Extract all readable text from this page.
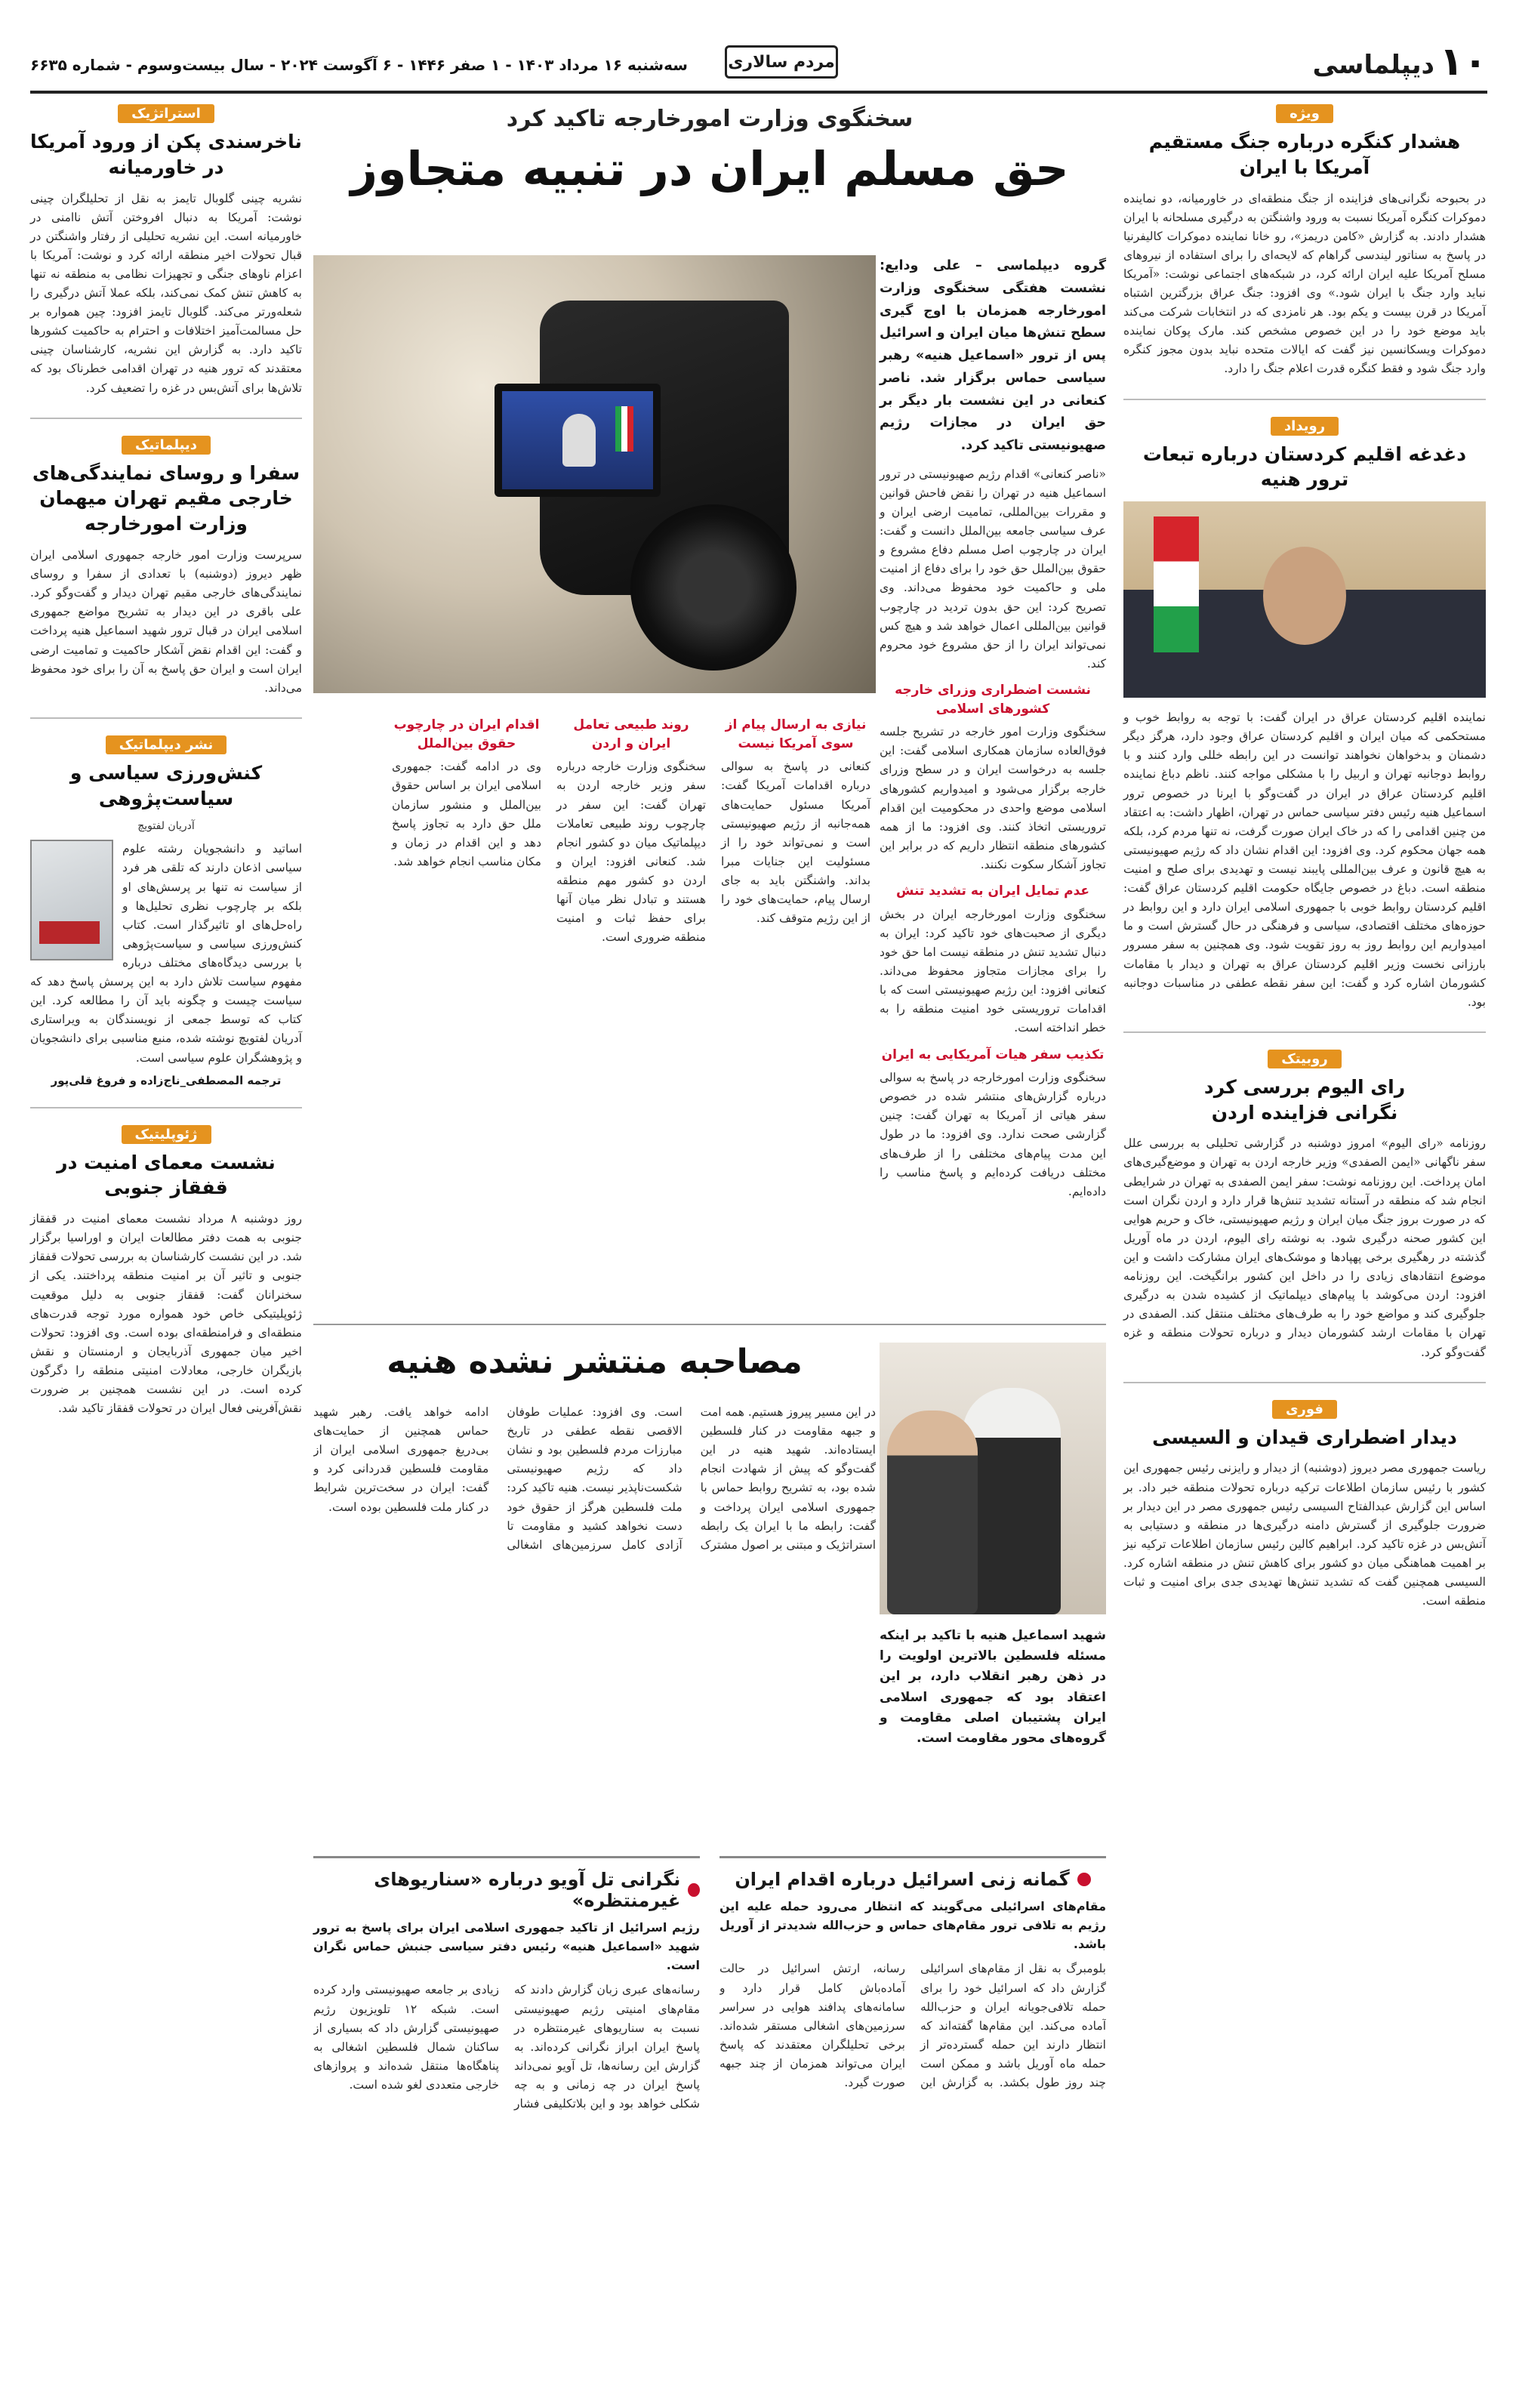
۱۰
دیپلماسی
مردم سالاری
سه‌شنبه ۱۶ مرداد ۱۴۰۳ - ۱ صفر ۱۴۴۶ - ۶ آگوست ۲۰۲۴ - سال بیست‌وسوم - شماره ۶۶۳۵
ویژه
هشدار کنگره درباره جنگ مستقیم آمریکا با ایران
در بحبوحه نگرانی‌های فزاینده از جنگ منطقه‌ای در خاورمیانه، دو نماینده دموکرات کنگره آمریکا نسبت به ورود واشنگتن به درگیری مسلحانه با ایران هشدار دادند. به گزارش «کامن دریمز»، رو خانا نماینده دموکرات کالیفرنیا در پاسخ به سناتور لیندسی گراهام که لایحه‌ای را برای استفاده از نیروهای مسلح آمریکا علیه ایران ارائه کرد، در شبکه‌های اجتماعی نوشت: «آمریکا نباید وارد جنگ با ایران شود.» وی افزود: جنگ عراق بزرگترین اشتباه آمریکا در قرن بیست و یکم بود. هر نامزدی که در انتخابات شرکت می‌کند باید موضع خود را در این خصوص مشخص کند. مارک پوکان نماینده دموکرات ویسکانسین نیز گفت که ایالات متحده نباید بدون مجوز کنگره وارد جنگ شود و فقط کنگره قدرت اعلام جنگ را دارد.
رویداد
دغدغه اقلیم کردستان درباره تبعات ترور هنیه
نماینده اقلیم کردستان عراق در ایران گفت: با توجه به روابط خوب و مستحکمی که میان ایران و اقلیم کردستان عراق وجود دارد، هرگز دیگر دشمنان و بدخواهان نخواهند توانست در این رابطه خللی وارد کنند و با روابط دوجانبه تهران و اربیل را با مشکلی مواجه کنند. ناظم دباغ نماینده اقلیم کردستان عراق در ایران در گفت‌وگو با ایرنا در خصوص ترور اسماعیل هنیه رئیس دفتر سیاسی حماس در تهران، اظهار داشت: به اعتقاد من چنین اقدامی را که در خاک ایران صورت گرفت، نه تنها مردم کرد، بلکه همه جهان محکوم کرد. وی افزود: این اقدام نشان داد که رژیم صهیونیستی به هیچ قانون و عرف بین‌المللی پایبند نیست و تهدیدی برای صلح و امنیت منطقه است. دباغ در خصوص جایگاه حکومت اقلیم کردستان عراق گفت: اقلیم کردستان روابط خوبی با جمهوری اسلامی ایران دارد و این روابط در حوزه‌های مختلف اقتصادی، سیاسی و فرهنگی در حال گسترش است و ما امیدواریم این روابط روز به روز تقویت شود. وی همچنین به سفر مسرور بارزانی نخست وزیر اقلیم کردستان عراق به تهران و دیدار با مقامات کشورمان اشاره کرد و گفت: این سفر نقطه عطفی در مناسبات دوجانبه بود.
روبیتک
رای الیوم بررسی کرد
نگرانی فزاینده اردن
روزنامه «رای الیوم» امروز دوشنبه در گزارشی تحلیلی به بررسی علل سفر ناگهانی «ایمن الصفدی» وزیر خارجه اردن به تهران و موضع‌گیری‌های امان پرداخت. این روزنامه نوشت: سفر ایمن الصفدی به تهران در شرایطی انجام شد که منطقه در آستانه تشدید تنش‌ها قرار دارد و اردن نگران است که در صورت بروز جنگ میان ایران و رژیم صهیونیستی، خاک و حریم هوایی این کشور صحنه درگیری شود. به نوشته رای الیوم، اردن در ماه آوریل گذشته در رهگیری برخی پهپادها و موشک‌های ایران مشارکت داشت و این موضوع انتقادهای زیادی را در داخل این کشور برانگیخت. این روزنامه افزود: اردن می‌کوشد با پیام‌های دیپلماتیک از کشیده شدن به درگیری جلوگیری کند و مواضع خود را به طرف‌های مختلف منتقل کند. الصفدی در تهران با مقامات ارشد کشورمان دیدار و درباره تحولات منطقه و غزه گفت‌وگو کرد.
فوری
دیدار اضطراری قیدان و السیسی
ریاست جمهوری مصر دیروز (دوشنبه) از دیدار و رایزنی رئیس جمهوری این کشور با رئیس سازمان اطلاعات ترکیه درباره تحولات منطقه خبر داد. بر اساس این گزارش عبدالفتاح السیسی رئیس جمهوری مصر در این دیدار بر ضرورت جلوگیری از گسترش دامنه درگیری‌ها در منطقه و دستیابی به آتش‌بس در غزه تاکید کرد. ابراهیم کالین رئیس سازمان اطلاعات ترکیه نیز بر اهمیت هماهنگی میان دو کشور برای کاهش تنش در منطقه اشاره کرد. السیسی همچنین گفت که تشدید تنش‌ها تهدیدی جدی برای امنیت و ثبات منطقه است.
سخنگوی وزارت امورخارجه تاکید کرد
حق مسلم ایران در تنبیه متجاوز
گروه دیپلماسی – علی ودایع: نشست هفتگی سخنگوی وزارت امورخارجه همزمان با اوج گیری سطح تنش‌ها میان ایران و اسرائیل پس از ترور «اسماعیل هنیه» رهبر سیاسی حماس برگزار شد. ناصر کنعانی در این نشست بار دیگر بر حق ایران در مجازات رژیم صهیونیستی تاکید کرد.
«ناصر کنعانی» اقدام رژیم صهیونیستی در ترور اسماعیل هنیه در تهران را نقض فاحش قوانین و مقررات بین‌المللی، تمامیت ارضی ایران و عرف سیاسی جامعه بین‌الملل دانست و گفت: ایران در چارچوب اصل مسلم دفاع مشروع و حقوق بین‌الملل حق خود را برای دفاع از امنیت ملی و حاکمیت خود محفوظ می‌داند. وی تصریح کرد: این حق بدون تردید در چارچوب قوانین بین‌المللی اعمال خواهد شد و هیچ کس نمی‌تواند ایران را از حق مشروع خود محروم کند.
نشست اضطراری وزرای خارجه کشورهای اسلامی
سخنگوی وزارت امور خارجه در تشریح جلسه فوق‌العاده سازمان همکاری اسلامی گفت: این جلسه به درخواست ایران و در سطح وزرای خارجه برگزار می‌شود و امیدواریم کشورهای اسلامی موضع واحدی در محکومیت این اقدام تروریستی اتخاذ کنند. وی افزود: ما از همه کشورهای منطقه انتظار داریم که در برابر این تجاوز آشکار سکوت نکنند.
عدم تمایل ایران به تشدید تنش
سخنگوی وزارت امورخارجه ایران در بخش دیگری از صحبت‌های خود تاکید کرد: ایران به دنبال تشدید تنش در منطقه نیست اما حق خود را برای مجازات متجاوز محفوظ می‌داند. کنعانی افزود: این رژیم صهیونیستی است که با اقدامات تروریستی خود امنیت منطقه را به خطر انداخته است.
تکذیب سفر هیات آمریکایی به ایران
سخنگوی وزارت امورخارجه در پاسخ به سوالی درباره گزارش‌های منتشر شده در خصوص سفر هیاتی از آمریکا به تهران گفت: چنین گزارشی صحت ندارد. وی افزود: ما در طول این مدت پیام‌های مختلفی را از طرف‌های مختلف دریافت کرده‌ایم و پاسخ مناسب را داده‌ایم.
نیازی به ارسال پیام از سوی آمریکا نیست
کنعانی در پاسخ به سوالی درباره اقدامات آمریکا گفت: آمریکا مسئول حمایت‌های همه‌جانبه از رژیم صهیونیستی است و نمی‌تواند خود را از مسئولیت این جنایات مبرا بداند. واشنگتن باید به جای ارسال پیام، حمایت‌های خود را از این رژیم متوقف کند.
روند طبیعی تعامل ایران و اردن
سخنگوی وزارت خارجه درباره سفر وزیر خارجه اردن به تهران گفت: این سفر در چارچوب روند طبیعی تعاملات دیپلماتیک میان دو کشور انجام شد. کنعانی افزود: ایران و اردن دو کشور مهم منطقه هستند و تبادل نظر میان آنها برای حفظ ثبات و امنیت منطقه ضروری است.
اقدام ایران در چارچوب حقوق بین‌الملل
وی در ادامه گفت: جمهوری اسلامی ایران بر اساس حقوق بین‌الملل و منشور سازمان ملل حق دارد به تجاوز پاسخ دهد و این اقدام در زمان و مکان مناسب انجام خواهد شد.
مصاحبه منتشر نشده هنیه
شهید اسماعیل هنیه با تاکید بر اینکه مسئله فلسطین بالاترین اولویت را در ذهن رهبر انقلاب دارد، بر این اعتقاد بود که جمهوری اسلامی ایران پشتیبان اصلی مقاومت و گروه‌های محور مقاومت است.
در این مسیر پیروز هستیم. همه امت و جبهه مقاومت در کنار فلسطین ایستاده‌اند. شهید هنیه در این گفت‌وگو که پیش از شهادت انجام شده بود، به تشریح روابط حماس با جمهوری اسلامی ایران پرداخت و گفت: رابطه ما با ایران یک رابطه استراتژیک و مبتنی بر اصول مشترک است. وی افزود: عملیات طوفان الاقصی نقطه عطفی در تاریخ مبارزات مردم فلسطین بود و نشان داد که رژیم صهیونیستی شکست‌ناپذیر نیست. هنیه تاکید کرد: ملت فلسطین هرگز از حقوق خود دست نخواهد کشید و مقاومت تا آزادی کامل سرزمین‌های اشغالی ادامه خواهد یافت. رهبر شهید حماس همچنین از حمایت‌های بی‌دریغ جمهوری اسلامی ایران از مقاومت فلسطین قدردانی کرد و گفت: ایران در سخت‌ترین شرایط در کنار ملت فلسطین بوده است.
گمانه زنی اسرائیل درباره اقدام ایران
مقام‌های اسرائیلی می‌گویند که انتظار می‌رود حمله علیه این رژیم به تلافی ترور مقام‌های حماس و حزب‌الله شدیدتر از آوریل باشد.
بلومبرگ به نقل از مقام‌های اسرائیلی گزارش داد که اسرائیل خود را برای حمله تلافی‌جویانه ایران و حزب‌الله آماده می‌کند. این مقام‌ها گفته‌اند که انتظار دارند این حمله گسترده‌تر از حمله ماه آوریل باشد و ممکن است چند روز طول بکشد. به گزارش این رسانه، ارتش اسرائیل در حالت آماده‌باش کامل قرار دارد و سامانه‌های پدافند هوایی در سراسر سرزمین‌های اشغالی مستقر شده‌اند. برخی تحلیلگران معتقدند که پاسخ ایران می‌تواند همزمان از چند جبهه صورت گیرد.
نگرانی تل آویو درباره «سناریوهای غیرمنتظره»
رژیم اسرائیل از تاکید جمهوری اسلامی ایران برای پاسخ به ترور شهید «اسماعیل هنیه» رئیس دفتر سیاسی جنبش حماس نگران است.
رسانه‌های عبری زبان گزارش دادند که مقام‌های امنیتی رژیم صهیونیستی نسبت به سناریوهای غیرمنتظره در پاسخ ایران ابراز نگرانی کرده‌اند. به گزارش این رسانه‌ها، تل آویو نمی‌داند پاسخ ایران در چه زمانی و به چه شکلی خواهد بود و این بلاتکلیفی فشار زیادی بر جامعه صهیونیستی وارد کرده است. شبکه ۱۲ تلویزیون رژیم صهیونیستی گزارش داد که بسیاری از ساکنان شمال فلسطین اشغالی به پناهگاه‌ها منتقل شده‌اند و پروازهای خارجی متعددی لغو شده است.
استراتژیک
ناخرسندی پکن از ورود آمریکا در خاورمیانه
نشریه چینی گلوبال تایمز به نقل از تحلیلگران چینی نوشت: آمریکا به دنبال افروختن آتش ناامنی در خاورمیانه است. این نشریه تحلیلی از رفتار واشنگتن در قبال تحولات اخیر منطقه ارائه کرد و نوشت: آمریکا با اعزام ناوهای جنگی و تجهیزات نظامی به منطقه نه تنها به کاهش تنش کمک نمی‌کند، بلکه عملا آتش درگیری را شعله‌ورتر می‌کند. گلوبال تایمز افزود: چین همواره بر حل مسالمت‌آمیز اختلافات و احترام به حاکمیت کشورها تاکید دارد. به گزارش این نشریه، کارشناسان چینی معتقدند که ترور هنیه در تهران اقدامی خطرناک بود که تلاش‌ها برای آتش‌بس در غزه را تضعیف کرد.
دیپلماتیک
سفرا و روسای نمایندگی‌های خارجی مقیم تهران میهمان وزارت امورخارجه
سرپرست وزارت امور خارجه جمهوری اسلامی ایران ظهر دیروز (دوشنبه) با تعدادی از سفرا و روسای نمایندگی‌های خارجی مقیم تهران دیدار و گفت‌وگو کرد. علی باقری در این دیدار به تشریح مواضع جمهوری اسلامی ایران در قبال ترور شهید اسماعیل هنیه پرداخت و گفت: این اقدام نقض آشکار حاکمیت و تمامیت ارضی ایران است و ایران حق پاسخ به آن را برای خود محفوظ می‌داند.
نشر دیپلماتیک
کنش‌ورزی سیاسی و سیاست‌پژوهی
آدریان لفتویچ
اساتید و دانشجویان رشته علوم سیاسی اذعان دارند که تلقی هر فرد از سیاست نه تنها بر پرسش‌های او بلکه بر چارچوب نظری تحلیل‌ها و راه‌حل‌های او تاثیرگذار است. کتاب کنش‌ورزی سیاسی و سیاست‌پژوهی با بررسی دیدگاه‌های مختلف درباره مفهوم سیاست تلاش دارد به این پرسش پاسخ دهد که سیاست چیست و چگونه باید آن را مطالعه کرد. این کتاب که توسط جمعی از نویسندگان به ویراستاری آدریان لفتویچ نوشته شده، منبع مناسبی برای دانشجویان و پژوهشگران علوم سیاسی است.
ترجمه المصطفی_ناج‌زاده و فروغ قلی‌پور
ژئوپلیتیک
نشست معمای امنیت در قفقاز جنوبی
روز دوشنبه ۸ مرداد نشست معمای امنیت در قفقاز جنوبی به همت دفتر مطالعات ایران و اوراسیا برگزار شد. در این نشست کارشناسان به بررسی تحولات قفقاز جنوبی و تاثیر آن بر امنیت منطقه پرداختند. یکی از سخنرانان گفت: قفقاز جنوبی به دلیل موقعیت ژئوپلیتیکی خاص خود همواره مورد توجه قدرت‌های منطقه‌ای و فرامنطقه‌ای بوده است. وی افزود: تحولات اخیر میان جمهوری آذربایجان و ارمنستان و نقش بازیگران خارجی، معادلات امنیتی منطقه را دگرگون کرده است. در این نشست همچنین بر ضرورت نقش‌آفرینی فعال ایران در تحولات قفقاز تاکید شد.
